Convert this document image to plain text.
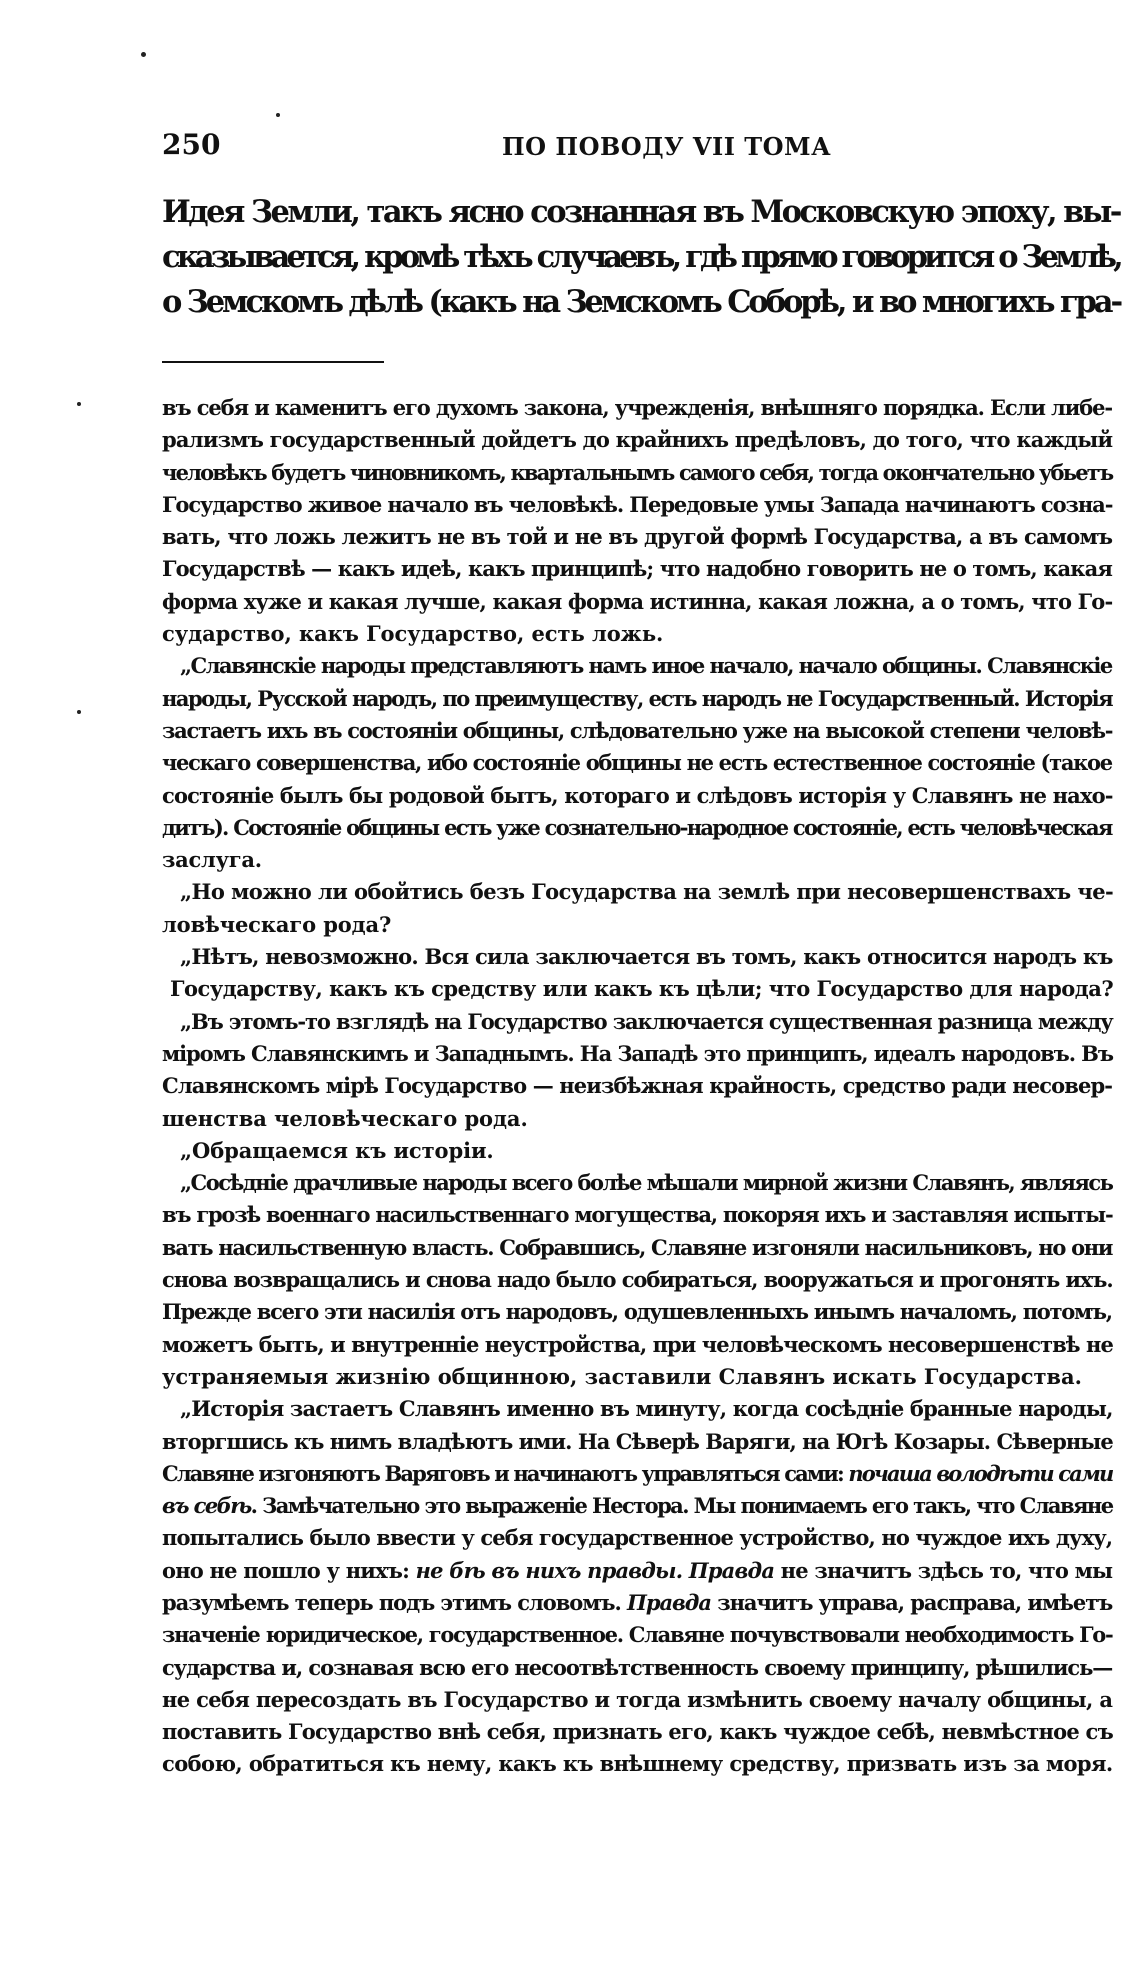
250	ПО ПОВОДУ VII ТОМА
Идея Земли, такъ ясно сознанная въ Московскую эпоху, вы-
сказывается, кромѣ тѣхъ случаевъ, гдѣ прямо говорится о Землѣ,
о Земскомъ дѣлѣ (какъ на Земскомъ Соборѣ, и во многихъ гра-
въ себя и каменитъ его духомъ закона, учрежденія, внѣшняго порядка. Если либе-
рализмъ государственный дойдетъ до крайнихъ предѣловъ, до того, что каждый
человѣкъ будетъ чиновникомъ, квартальнымъ самого себя, тогда окончательно убьетъ
Государство живое начало въ человѣкѣ. Передовые умы Запада начинаютъ созна-
вать, что ложь лежитъ не въ той и не въ другой формѣ Государства, а въ самомъ
Государствѣ — какъ идеѣ, какъ принципѣ; что надобно говорить не о томъ, какая
форма хуже и какая лучше, какая форма истинна, какая ложна, а о томъ, что Го-
сударство, какъ Государство, есть ложь.
„Славянскіе народы представляютъ намъ иное начало, начало общины. Славянскіе
народы, Русской народъ, по преимуществу, есть народъ не Государственный. Исторія
застаетъ ихъ въ состояніи общины, слѣдовательно уже на высокой степени человѣ-
ческаго совершенства, ибо состояніе общины не есть естественное состояніе (такое
состояніе былъ бы родовой бытъ, котораго и слѣдовъ исторія у Славянъ не нахо-
дитъ). Состояніе общины есть уже сознательно-народное состояніе, есть человѣческая
заслуга.
„Но можно ли обойтись безъ Государства на землѣ при несовершенствахъ че-
ловѣческаго рода?
„Нѣтъ, невозможно. Вся сила заключается въ томъ, какъ относится народъ къ
Государству, какъ къ средству или какъ къ цѣли; что Государство для народа?
„Въ этомъ-то взглядѣ на Государство заключается существенная разница между
міромъ Славянскимъ и Западнымъ. На Западѣ это принципъ, идеалъ народовъ. Въ
Славянскомъ мірѣ Государство — неизбѣжная крайность, средство ради несовер-
шенства человѣческаго рода.
„Обращаемся къ исторіи.
„Сосѣдніе драчливые народы всего болѣе мѣшали мирной жизни Славянъ, являясь
въ грозѣ военнаго насильственнаго могущества, покоряя ихъ и заставляя испыты-
вать насильственную власть. Собравшись, Славяне изгоняли насильниковъ, но они
снова возвращались и снова надо было собираться, вооружаться и прогонять ихъ.
Прежде всего эти насилія отъ народовъ, одушевленныхъ инымъ началомъ, потомъ,
можетъ быть, и внутренніе неустройства, при человѣческомъ несовершенствѣ не
устраняемыя жизнію общинною, заставили Славянъ искать Государства.
„Исторія застаетъ Славянъ именно въ минуту, когда сосѣдніе бранные народы,
вторгшись къ нимъ владѣютъ ими. На Сѣверѣ Варяги, на Югѣ Козары. Сѣверные
Славяне изгоняютъ Варяговъ и начинаютъ управляться сами: почаша володѣти сами
въ себѣ. Замѣчательно это выраженіе Нестора. Мы понимаемъ его такъ, что Славяне
попытались было ввести у себя государственное устройство, но чуждое ихъ духу,
оно не пошло у нихъ: не бѣ въ нихъ правды. Правда не значитъ здѣсь то, что мы
разумѣемъ теперь подъ этимъ словомъ. Правда значитъ управа, расправа, имѣетъ
значеніе юридическое, государственное. Славяне почувствовали необходимость Го-
сударства и, сознавая всю его несоотвѣтственность своему принципу, рѣшились—
не себя пересоздать въ Государство и тогда измѣнить своему началу общины, а
поставить Государство внѣ себя, признать его, какъ чуждое себѣ, невмѣстное съ
собою, обратиться къ нему, какъ къ внѣшнему средству, призвать изъ за моря.
